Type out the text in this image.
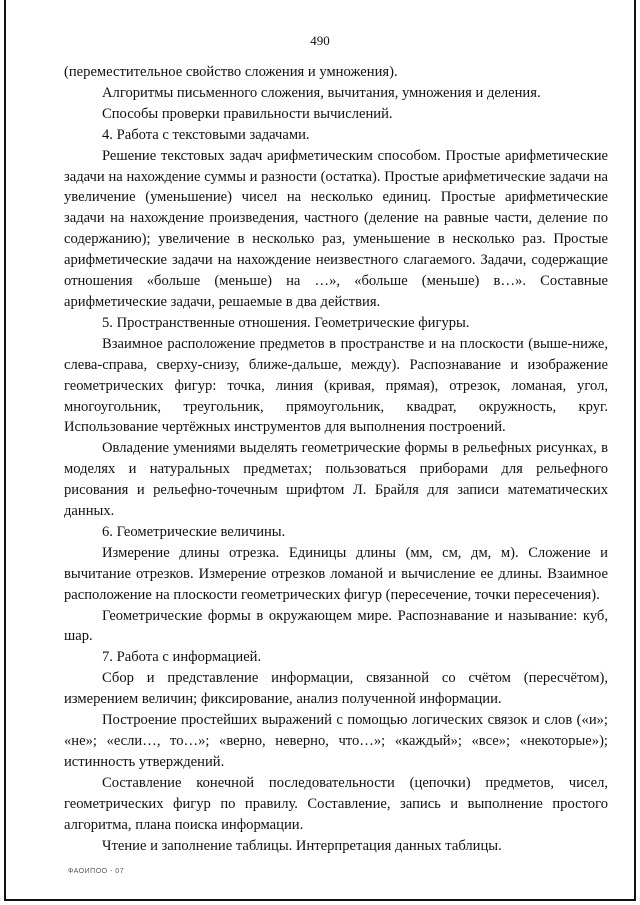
490

(переместительное свойство сложения и умножения).

Алгоритмы письменного сложения, вычитания, умножения и деления.

Способы проверки правильности вычислений.

4. Работа с текстовыми задачами.

Решение текстовых задач арифметическим способом. Простые арифметические задачи на нахождение суммы и разности (остатка). Простые арифметические задачи на увеличение (уменьшение) чисел на несколько единиц. Простые арифметические задачи на нахождение произведения, частного (деление на равные части, деление по содержанию); увеличение в несколько раз, уменьшение в несколько раз. Простые арифметические задачи на нахождение неизвестного слагаемого. Задачи, содержащие отношения «больше (меньше) на …», «больше (меньше) в…». Составные арифметические задачи, решаемые в два действия.

5. Пространственные отношения. Геометрические фигуры.

Взаимное расположение предметов в пространстве и на плоскости (выше-ниже, слева-справа, сверху-снизу, ближе-дальше, между). Распознавание и изображение геометрических фигур: точка, линия (кривая, прямая), отрезок, ломаная, угол, многоугольник, треугольник, прямоугольник, квадрат, окружность, круг. Использование чертёжных инструментов для выполнения построений.

Овладение умениями выделять геометрические формы в рельефных рисунках, в моделях и натуральных предметах; пользоваться приборами для рельефного рисования и рельефно-точечным шрифтом Л. Брайля для записи математических данных.

6. Геометрические величины.

Измерение длины отрезка. Единицы длины (мм, см, дм, м). Сложение и вычитание отрезков. Измерение отрезков ломаной и вычисление ее длины. Взаимное расположение на плоскости геометрических фигур (пересечение, точки пересечения).

Геометрические формы в окружающем мире. Распознавание и называние: куб, шар.

7. Работа с информацией.

Сбор и представление информации, связанной со счётом (пересчётом), измерением величин; фиксирование, анализ полученной информации.

Построение простейших выражений с помощью логических связок и слов («и»; «не»; «если…, то…»; «верно, неверно, что…»; «каждый»; «все»; «некоторые»); истинность утверждений.

Составление конечной последовательности (цепочки) предметов, чисел, геометрических фигур по правилу. Составление, запись и выполнение простого алгоритма, плана поиска информации.

Чтение и заполнение таблицы. Интерпретация данных таблицы.

ФАОИПОО - 07
